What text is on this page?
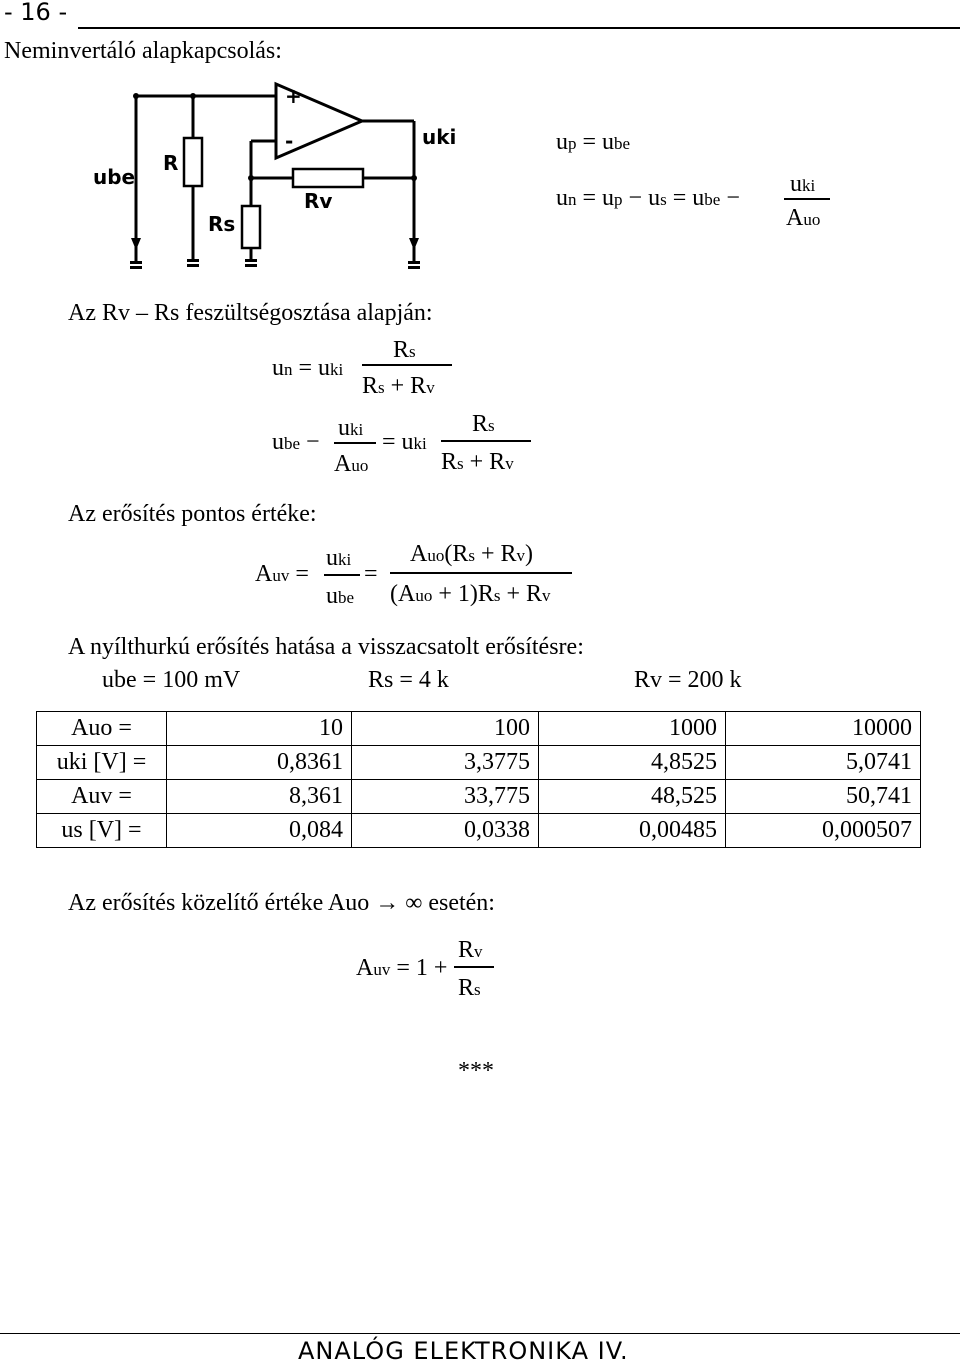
- 16 -
Neminvertáló alapkapcsolás:
+
-	uki
ube
R
Rs
Rv
up = ube
un = up − us = ube −
uki
Auo
Az Rv – Rs feszültségosztása alapján:
un = uki
Rs
Rs + Rv
ube −
uki
Auo
= uki
Rs
Rs + Rv
Az erősítés pontos értéke:
Auv =
uki
ube
=
Auo(Rs + Rv)
(Auo + 1)Rs + Rv
A nyílthurkú erősítés hatása a visszacsatolt erősítésre:
ube = 100 mV	Rs = 4 k	Rv = 200 k
Auo =	10	100	1000	10000
uki [V] =	0,8361	3,3775	4,8525	5,0741
Auv =	8,361	33,775	48,525	50,741
us [V] =	0,084	0,0338	0,00485	0,000507
Az erősítés közelítő értéke Auo → ∞ esetén:
Auv = 1 +
Rv
Rs
***
ANALÓG ELEKTRONIKA IV.
